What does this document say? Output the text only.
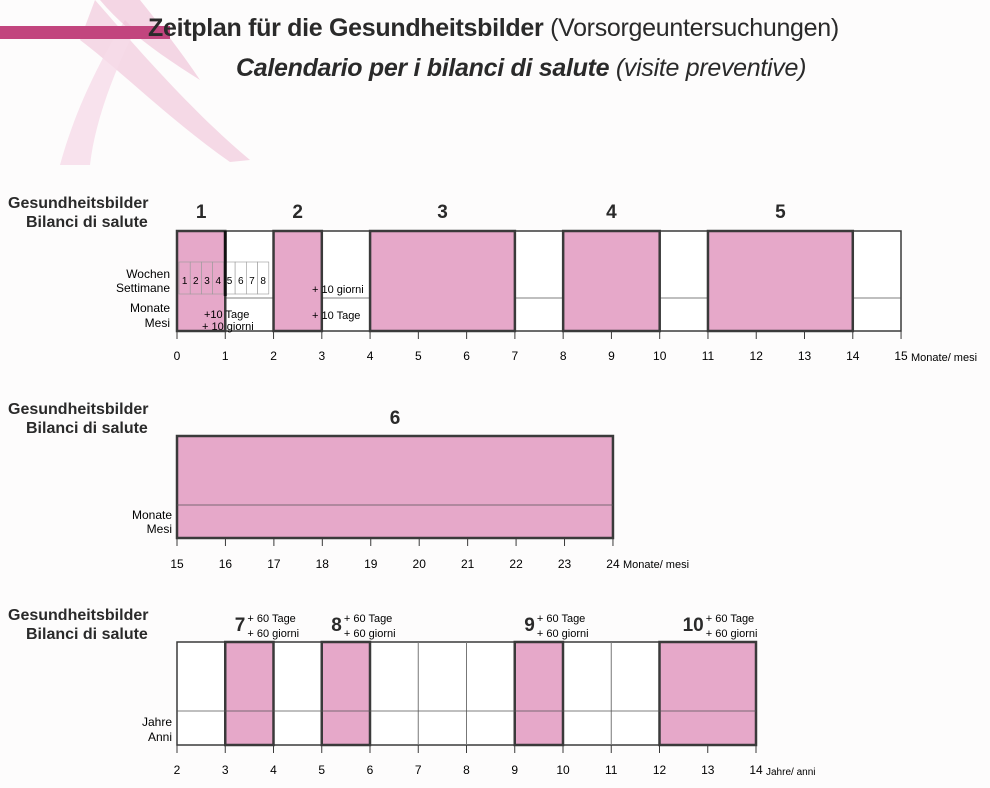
Zeitplan für die Gesundheitsbilder (Vorsorgeuntersuchungen)
Calendario per i bilanci di salute (visite preventive)
Gesundheitsbilder
Bilanci di salute
Gesundheitsbilder
Bilanci di salute
Gesundheitsbilder
Bilanci di salute
1	2	3	4	5
1 2 3 4 5 6 7 8
0	1	2	3	4	5	6	7	8	9	10	11	12	13	14	15
Wochen
Settimane
Monate
Mesi
+10 Tage
+ 10 giorni
+ 10 giorni
+ 10 Tage
Monate/ mesi
6
15	16	17	18	19	20	21	22	23	24
Monate
Mesi
Monate/ mesi
2	3	4	5	6	7	8	9	10	11	12	13	14
7 + 60 Tage
+ 60 giorni 8 + 60 Tage
+ 60 giorni	9 + 60 Tage
+ 60 giorni	10 + 60 Tage
+ 60 giorni
Jahre
Anni
Jahre/ anni
